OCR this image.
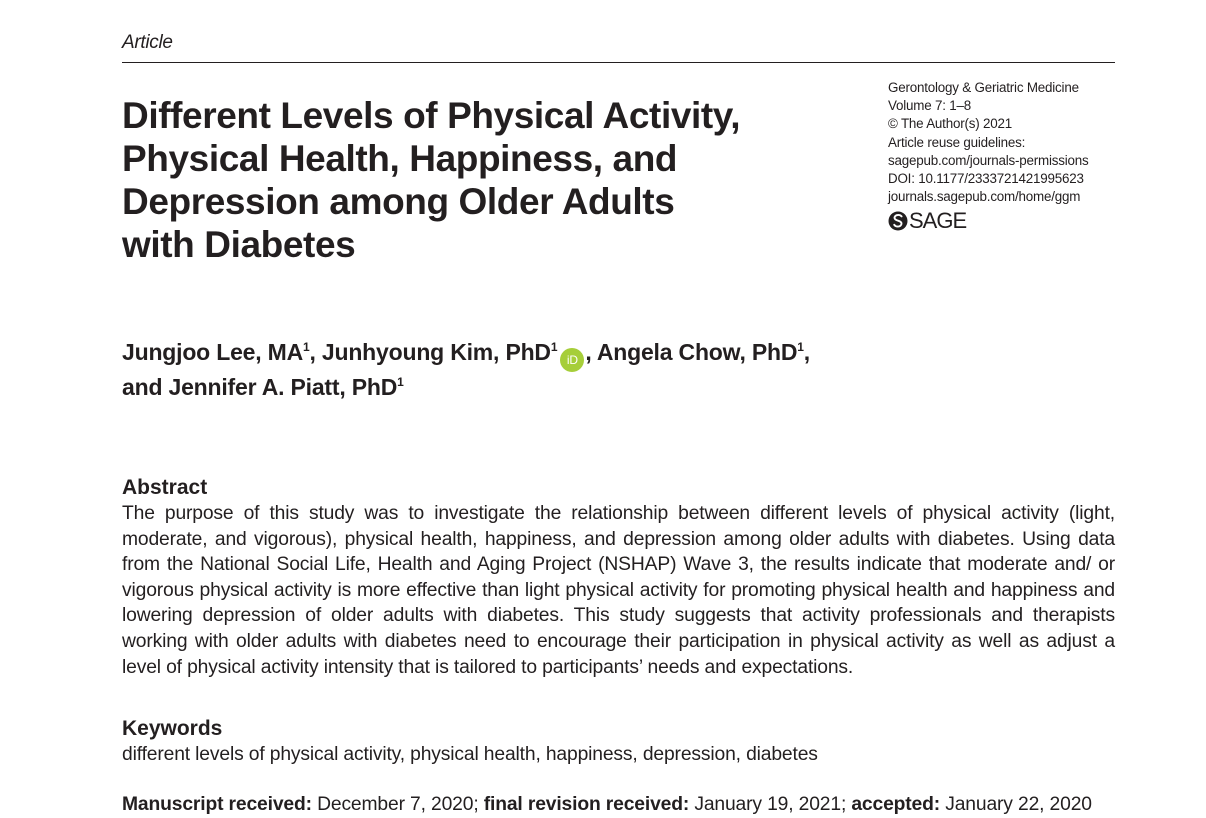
Article
Different Levels of Physical Activity,
Physical Health, Happiness, and
Depression among Older Adults
with Diabetes
Gerontology & Geriatric Medicine
Volume 7: 1–8
© The Author(s) 2021
Article reuse guidelines:
sagepub.com/journals-permissions
DOI: 10.1177/2333721421995623
journals.sagepub.com/home/ggm
SAGE
Jungjoo Lee, $MA^1$, Junhyoung Kim, PhD$^1$iD , Angela Chow, PhD$^1$,
and Jennifer A. Piatt, PhD$^1$
Abstract

The purpose of this study was to investigate the relationship between different levels of physical activity (light, moderate, and vigorous), physical health, happiness, and depression among older adults with diabetes. Using data from the National Social Life, Health and Aging Project (NSHAP) Wave 3, the results indicate that moderate and/ or vigorous physical activity is more effective than light physical activity for promoting physical health and happiness and lowering depression of older adults with diabetes. This study suggests that activity professionals and therapists working with older adults with diabetes need to encourage their participation in physical activity as well as adjust a level of physical activity intensity that is tailored to participants’ needs and expectations.

Keywords

different levels of physical activity, physical health, happiness, depression, diabetes

Manuscript received: December 7, 2020; final revision received: January 19, 2021; accepted: January 22, 2020
